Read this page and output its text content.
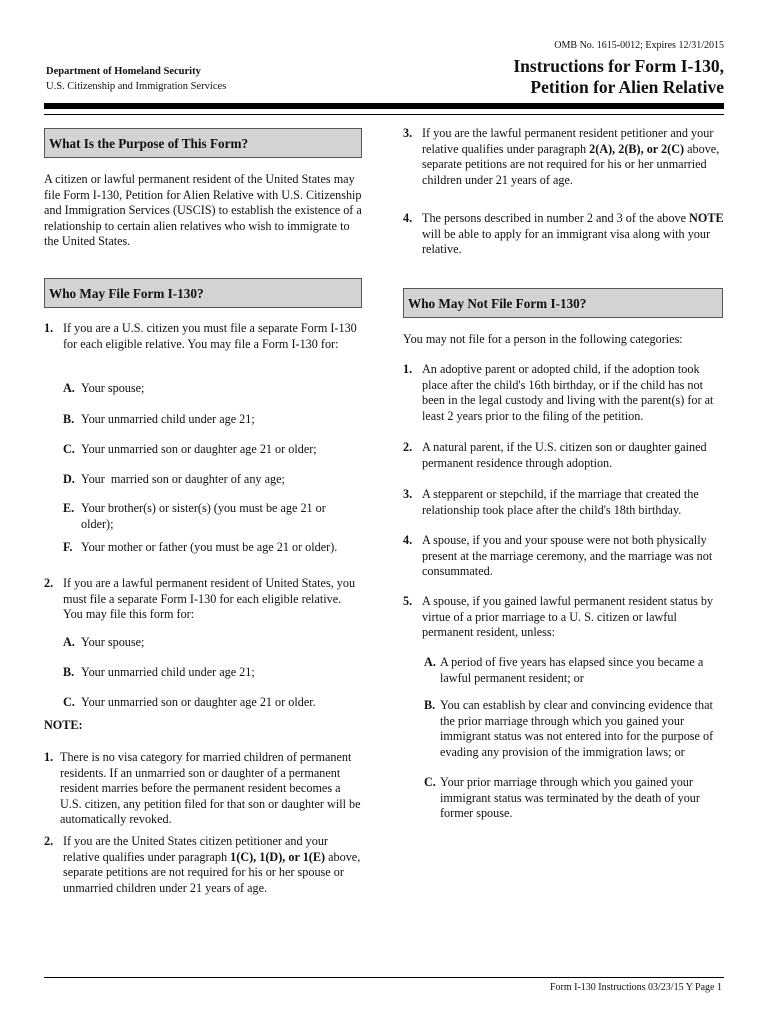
OMB No. 1615-0012; Expires 12/31/2015
Department of Homeland Security
U.S. Citizenship and Immigration Services
Instructions for Form I-130,
Petition for Alien Relative
What Is the Purpose of This Form?
A citizen or lawful permanent resident of the United States may file Form I-130, Petition for Alien Relative with U.S. Citizenship and Immigration Services (USCIS) to establish the existence of a relationship to certain alien relatives who wish to immigrate to the United States.
Who May File Form I-130?
1. If you are a U.S. citizen you must file a separate Form I-130 for each eligible relative. You may file a Form I-130 for:
A. Your spouse;
B. Your unmarried child under age 21;
C. Your unmarried son or daughter age 21 or older;
D. Your  married son or daughter of any age;
E. Your brother(s) or sister(s) (you must be age 21 or older);
F. Your mother or father (you must be age 21 or older).
2. If you are a lawful permanent resident of United States, you must file a separate Form I-130 for each eligible relative. You may file this form for:
A. Your spouse;
B. Your unmarried child under age 21;
C. Your unmarried son or daughter age 21 or older.
NOTE:
1. There is no visa category for married children of permanent residents. If an unmarried son or daughter of a permanent resident marries before the permanent resident becomes a U.S. citizen, any petition filed for that son or daughter will be automatically revoked.
2. If you are the United States citizen petitioner and your relative qualifies under paragraph 1(C), 1(D), or 1(E) above, separate petitions are not required for his or her spouse or unmarried children under 21 years of age.
3. If you are the lawful permanent resident petitioner and your relative qualifies under paragraph 2(A), 2(B), or 2(C) above, separate petitions are not required for his or her unmarried children under 21 years of age.
4. The persons described in number 2 and 3 of the above NOTE will be able to apply for an immigrant visa along with your relative.
Who May Not File Form I-130?
You may not file for a person in the following categories:
1. An adoptive parent or adopted child, if the adoption took place after the child's 16th birthday, or if the child has not been in the legal custody and living with the parent(s) for at least 2 years prior to the filing of the petition.
2. A natural parent, if the U.S. citizen son or daughter gained permanent residence through adoption.
3. A stepparent or stepchild, if the marriage that created the relationship took place after the child's 18th birthday.
4. A spouse, if you and your spouse were not both physically present at the marriage ceremony, and the marriage was not consummated.
5. A spouse, if you gained lawful permanent resident status by virtue of a prior marriage to a U. S. citizen or lawful permanent resident, unless:
A. A period of five years has elapsed since you became a lawful permanent resident; or
B. You can establish by clear and convincing evidence that the prior marriage through which you gained your immigrant status was not entered into for the purpose of evading any provision of the immigration laws; or
C. Your prior marriage through which you gained your immigrant status was terminated by the death of your former spouse.
Form I-130 Instructions 03/23/15 Y Page 1
